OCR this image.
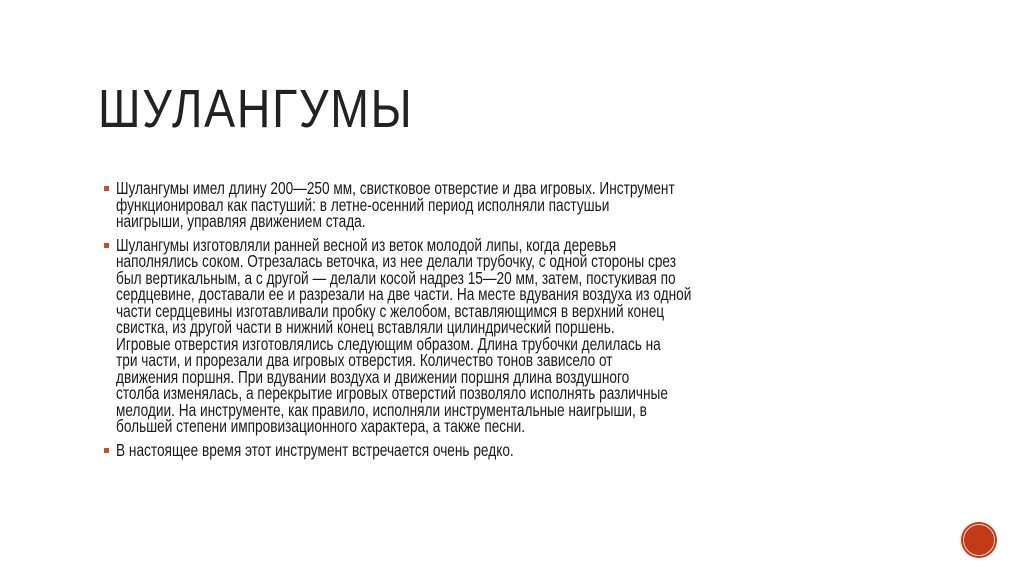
ШУЛАНГУМЫ
Шулангумы имел длину 200—250 мм, свистковое отверстие и два игровых. Инструмент
функционировал как пастуший: в летне-осенний период исполняли пастушьи
наигрыши, управляя движением стада.
Шулангумы изготовляли ранней весной из веток молодой липы, когда деревья
наполнялись соком. Отрезалась веточка, из нее делали трубочку, с одной стороны срез
был вертикальным, а с другой — делали косой надрез 15—20 мм, затем, постукивая по
сердцевине, доставали ее и разрезали на две части. На месте вдувания воздуха из одной
части сердцевины изготавливали пробку с желобом, вставляющимся в верхний конец
свистка, из другой части в нижний конец вставляли цилиндрический поршень.
Игровые отверстия изготовлялись следующим образом. Длина трубочки делилась на
три части, и прорезали два игровых отверстия. Количество тонов зависело от
движения поршня. При вдувании воздуха и движении поршня длина воздушного
столба изменялась, а перекрытие игровых отверстий позволяло исполнять различные
мелодии. На инструменте, как правило, исполняли инструментальные наигрыши, в
большей степени импровизационного характера, а также песни.
В настоящее время этот инструмент встречается очень редко.
